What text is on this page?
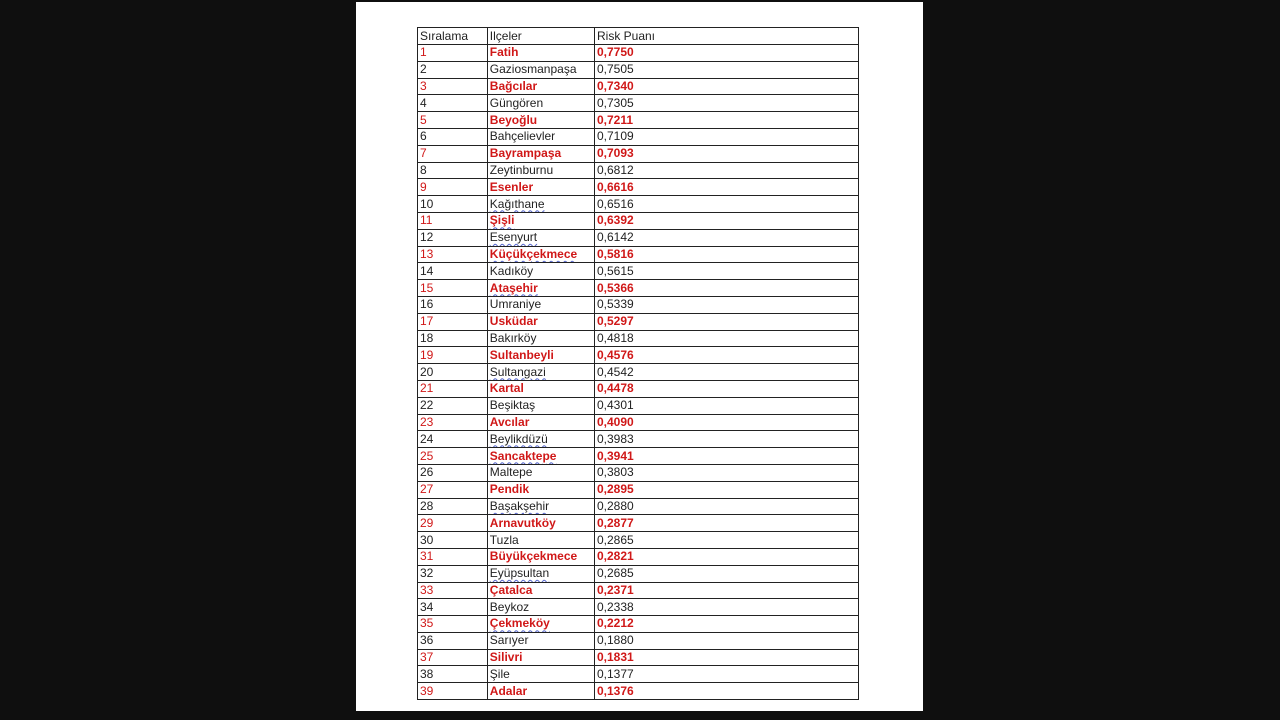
Sıralama	Ilçeler	Risk Puanı
1	Fatih	0,7750
2	Gaziosmanpaşa	0,7505
3	Bağcılar	0,7340
4	Güngören	0,7305
5	Beyoğlu	0,7211
6	Bahçelievler	0,7109
7	Bayrampaşa	0,7093
8	Zeytinburnu	0,6812
9	Esenler	0,6616
10	Kağıthane	0,6516
11	Şişli	0,6392
12	Esenyurt	0,6142
13	Küçükçekmece	0,5816
14	Kadıköy	0,5615
15	Ataşehir	0,5366
16	Umraniye	0,5339
17	Usküdar	0,5297
18	Bakırköy	0,4818
19	Sultanbeyli	0,4576
20	Sultangazi	0,4542
21	Kartal	0,4478
22	Beşiktaş	0,4301
23	Avcılar	0,4090
24	Beylikdüzü	0,3983
25	Sancaktepe	0,3941
26	Maltepe	0,3803
27	Pendik	0,2895
28	Başakşehir	0,2880
29	Arnavutköy	0,2877
30	Tuzla	0,2865
31	Büyükçekmece	0,2821
32	Eyüpsultan	0,2685
33	Çatalca	0,2371
34	Beykoz	0,2338
35	Çekmeköy	0,2212
36	Sarıyer	0,1880
37	Silivri	0,1831
38	Şile	0,1377
39	Adalar	0,1376
